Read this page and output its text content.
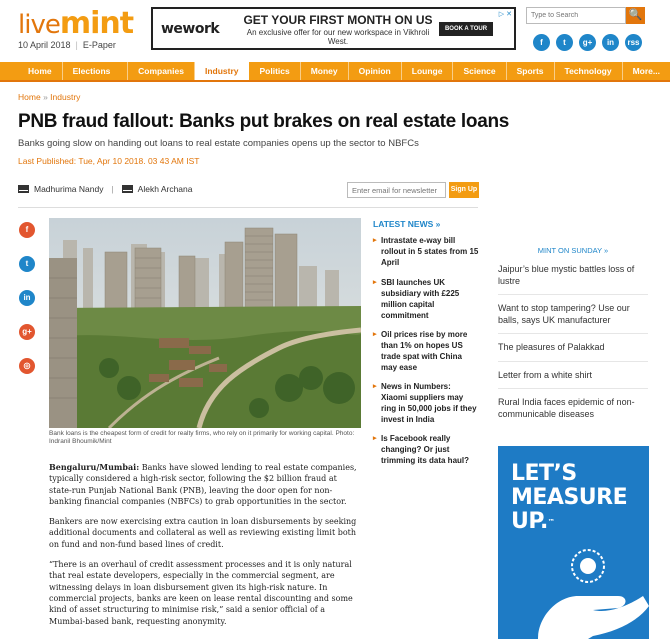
livemint
10 April 2018 | E-Paper
wework
GET YOUR FIRST MONTH ON US
An exclusive offer for our new workspace in Vikhroli West.
BOOK A TOUR
▷ ✕
Type to Search	🔍
f	t	g+	in	rss
Home	Elections 2018
Companies	Industry	Politics	Money	Opinion	Lounge	Science	Sports	Technology	More...
Home » Industry
PNB fraud fallout: Banks put brakes on real estate loans
Banks going slow on handing out loans to real estate companies opens up the sector to NBFCs
Last Published: Tue, Apr 10 2018. 03 43 AM IST
Madhurima Nandy |	Alekh Archana
Enter email for newsletter	Sign Up
f
t
in
g+
◎
Bank loans is the cheapest form of credit for realty firms, who rely on it primarily for working capital. Photo: Indranil Bhoumik/Mint

Bengaluru/Mumbai: Banks have slowed lending to real estate companies, typically considered a high-risk sector, following the $2 billion fraud at state-run Punjab National Bank (PNB), leaving the door open for non-banking financial companies (NBFCs) to grab opportunities in the sector.

Bankers are now exercising extra caution in loan disbursements by seeking additional documents and collateral as well as reviewing existing limit both on fund and non-fund based lines of credit.

“There is an overhaul of credit assessment processes and it is only natural that real estate developers, especially in the commercial segment, are witnessing delays in loan disbursement given its high-risk nature. In commercial projects, banks are keen on lease rental discounting and some kind of asset structuring to minimise risk,” said a senior official of a Mumbai-based bank, requesting anonymity.

LATEST NEWS »
▸ Intrastate e-way bill rollout in 5 states from 15 April
▸ SBI launches UK subsidiary with £225 million capital commitment
▸ Oil prices rise by more than 1% on hopes US trade spat with China may ease
▸ News in Numbers: Xiaomi suppliers may ring in 50,000 jobs if they invest in India
▸ Is Facebook really changing? Or just trimming its data haul?
MINT ON SUNDAY »
Jaipur’s blue mystic battles loss of lustre
Want to stop tampering? Use our balls, says UK manufacturer
The pleasures of Palakkad
Letter from a white shirt
Rural India faces epidemic of non-communicable diseases
LET’S
MEASURE
UP.™
